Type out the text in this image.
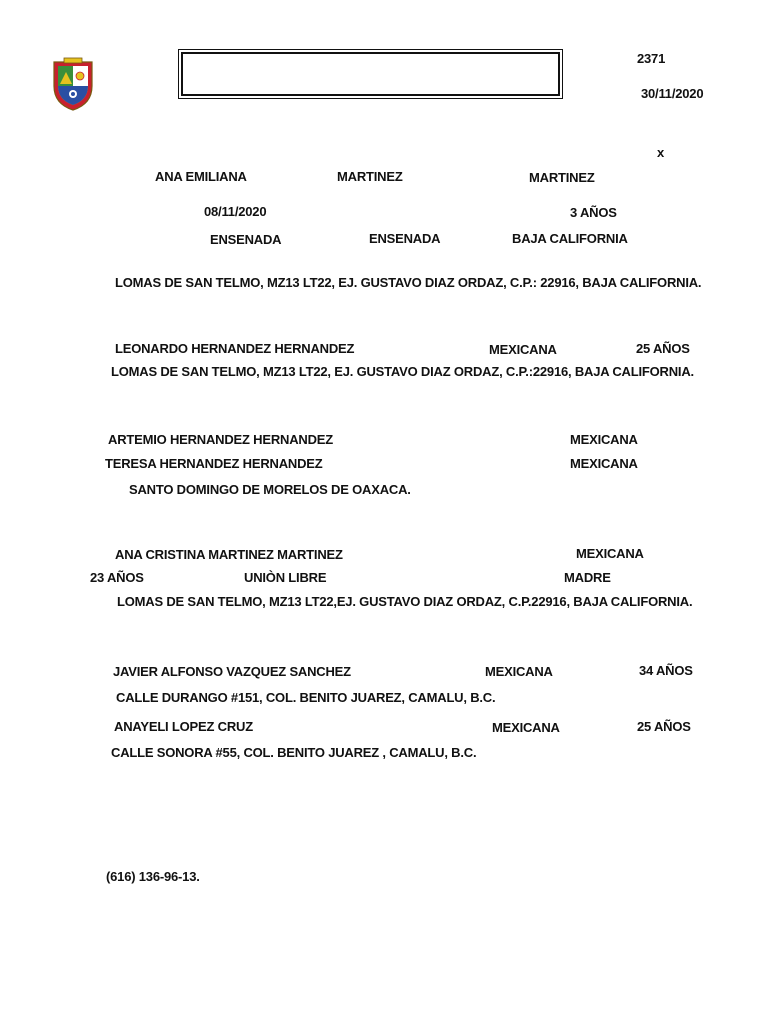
2371
30/11/2020
x
ANA EMILIANA	MARTINEZ	MARTINEZ
08/11/2020	3 AÑOS
ENSENADA	ENSENADA	BAJA CALIFORNIA
LOMAS DE SAN TELMO, MZ13 LT22, EJ. GUSTAVO DIAZ ORDAZ, C.P.: 22916, BAJA CALIFORNIA.
LEONARDO HERNANDEZ HERNANDEZ	MEXICANA	25 AÑOS
LOMAS DE SAN TELMO, MZ13 LT22, EJ. GUSTAVO DIAZ ORDAZ, C.P.:22916, BAJA CALIFORNIA.
ARTEMIO HERNANDEZ HERNANDEZ	MEXICANA
TERESA HERNANDEZ HERNANDEZ	MEXICANA
SANTO DOMINGO DE MORELOS DE OAXACA.
ANA CRISTINA MARTINEZ MARTINEZ	MEXICANA
23 AÑOS	UNIÒN LIBRE	MADRE
LOMAS DE SAN TELMO, MZ13 LT22,EJ. GUSTAVO DIAZ ORDAZ, C.P.22916, BAJA CALIFORNIA.
JAVIER ALFONSO VAZQUEZ SANCHEZ	MEXICANA	34 AÑOS
CALLE DURANGO #151, COL. BENITO JUAREZ, CAMALU, B.C.
ANAYELI LOPEZ CRUZ	MEXICANA	25 AÑOS
CALLE SONORA #55, COL. BENITO JUAREZ , CAMALU, B.C.
(616) 136-96-13.
